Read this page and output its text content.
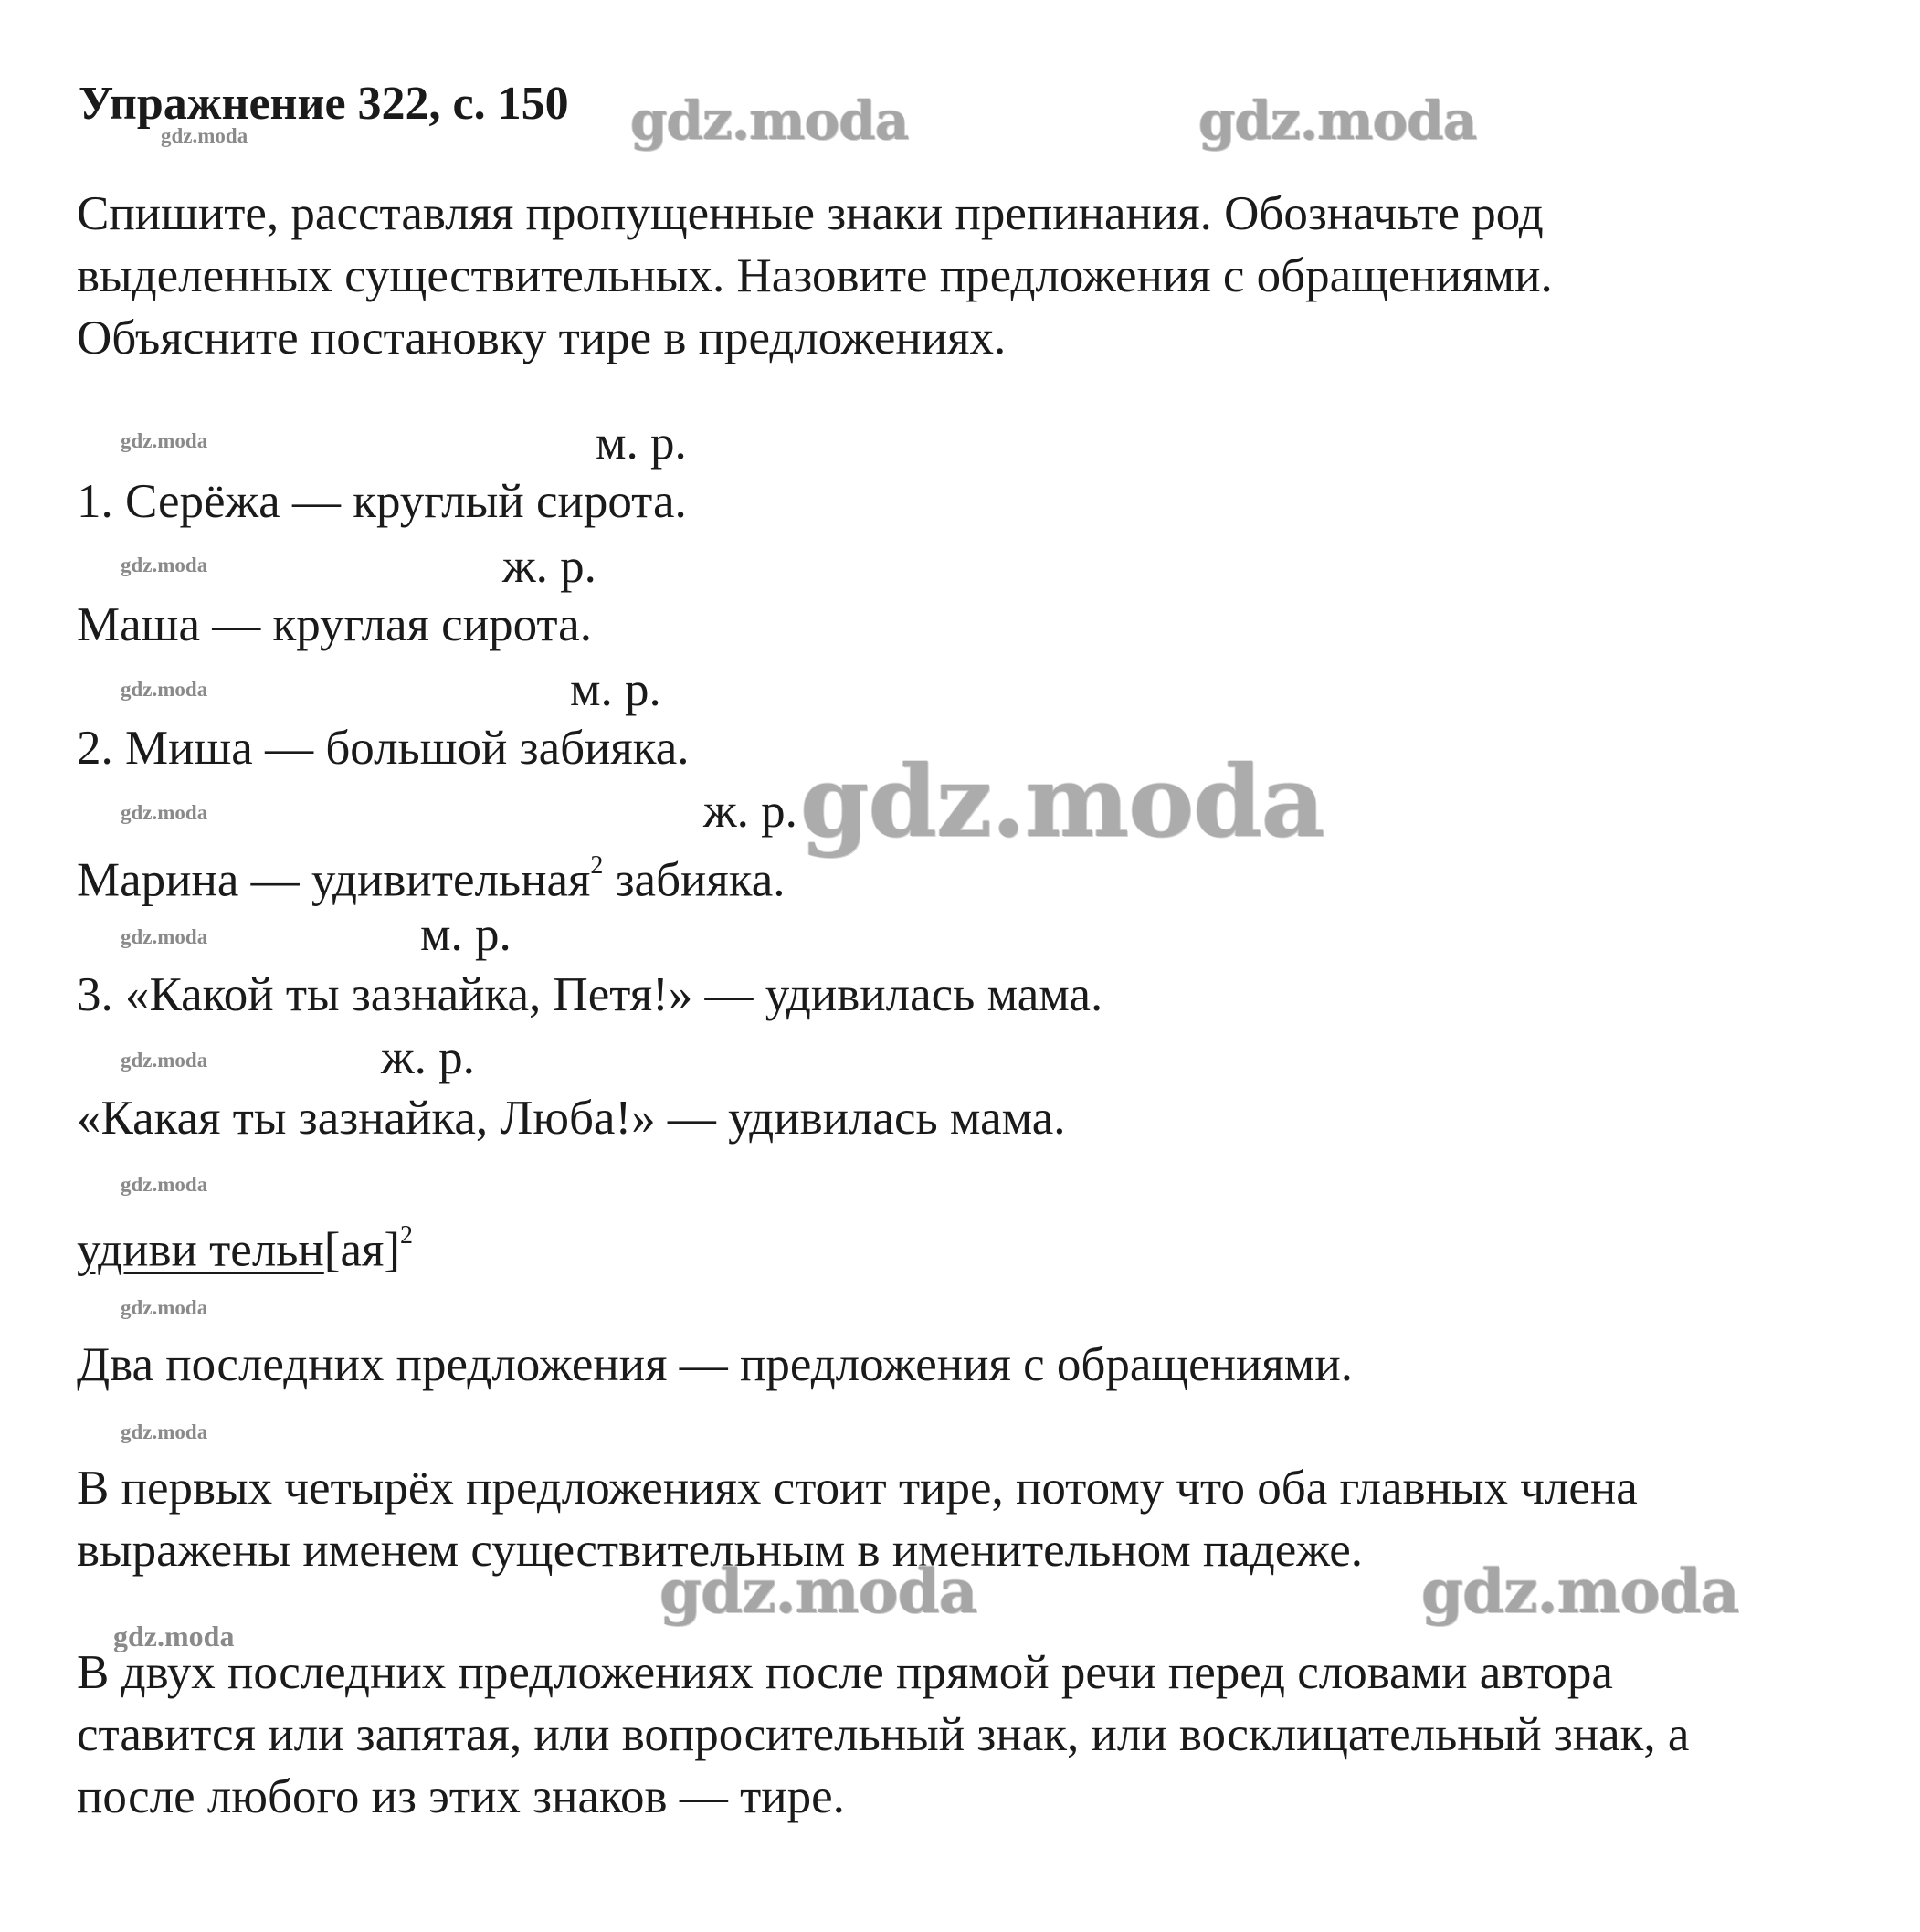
Упражнение 322, с. 150
Спишите, расставляя пропущенные знаки препинания. Обозначьте род
выделенных существительных. Назовите предложения с обращениями.
Объясните постановку тире в предложениях.
м. р.
1. Серёжа — круглый сирота.
ж. р.
Маша — круглая сирота.
м. р.
2. Миша — большой забияка.
ж. р.
Марина — удивительная$^2$ забияка.
м. р.
3. «Какой ты зазнайка, Петя!» — удивилась мама.
ж. р.
«Какая ты зазнайка, Люба!» — удивилась мама.
удиви тельн[ая]$^2$
Два последних предложения — предложения с обращениями.
В первых четырёх предложениях стоит тире, потому что оба главных члена
выражены именем существительным в именительном падеже.
В двух последних предложениях после прямой речи перед словами автора
ставится или запятая, или вопросительный знак, или восклицательный знак, а
после любого из этих знаков — тире.
gdz.moda
gdz.moda
gdz.moda
gdz.moda
gdz.moda
gdz.moda
gdz.moda
gdz.moda
gdz.moda
gdz.moda
gdz.moda
gdz.moda	gdz.moda
gdz.moda
gdz.moda	gdz.moda
